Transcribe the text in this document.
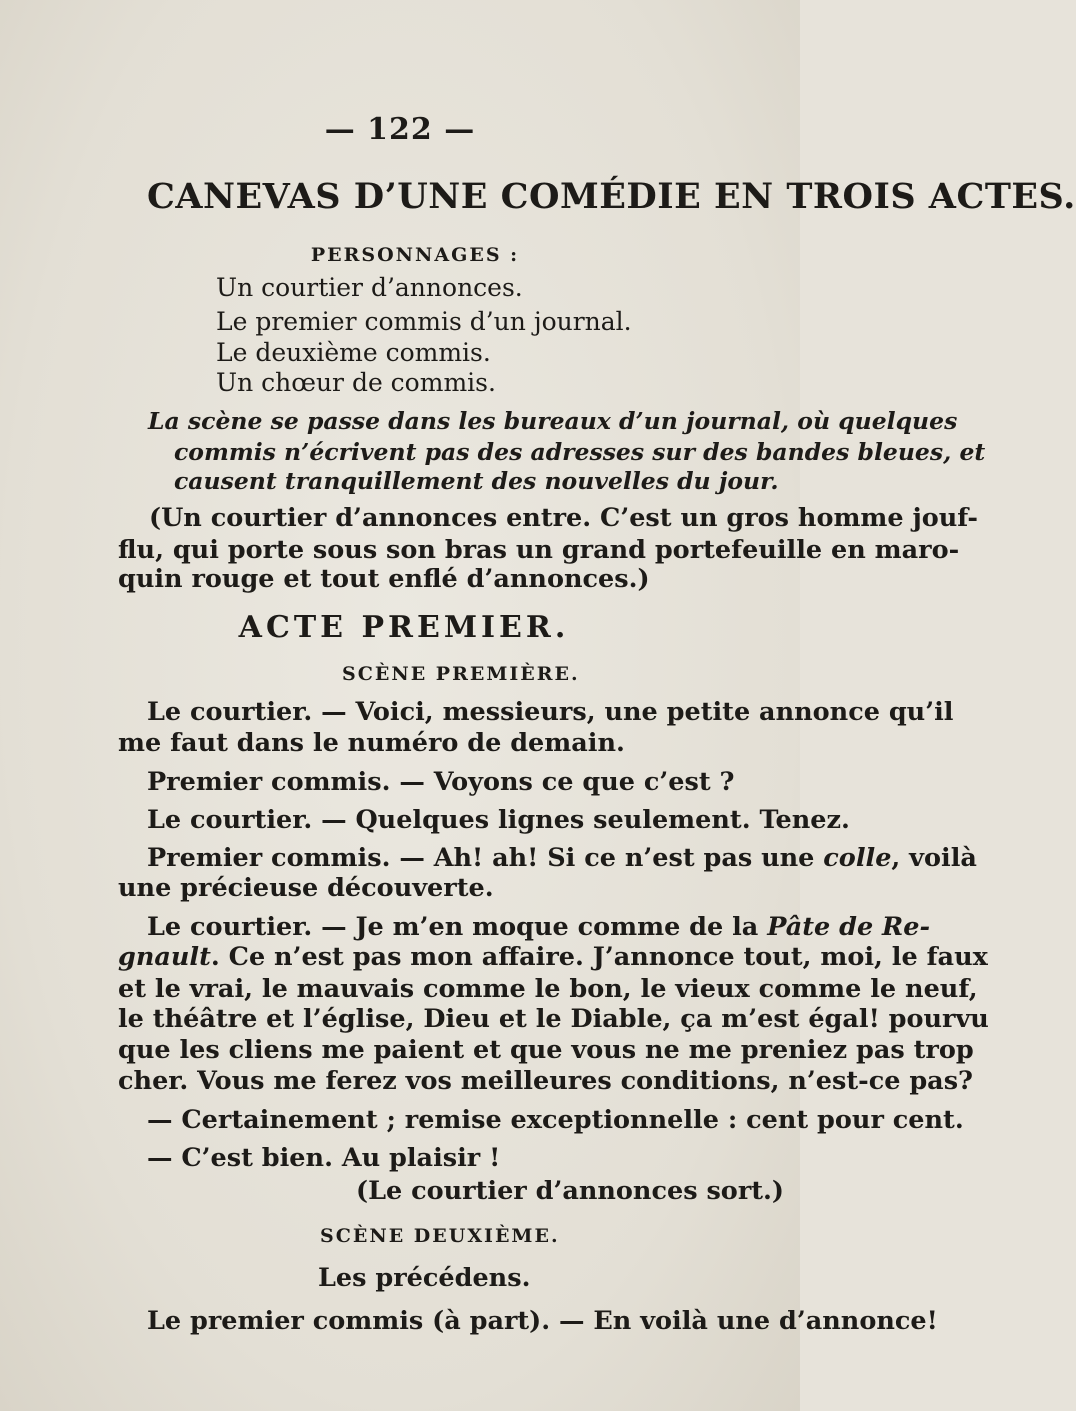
— 122 —
CANEVAS D’UNE COMÉDIE EN TROIS ACTES.
PERSONNAGES :
Un courtier d’annonces.
Le premier commis d’un journal.
Le deuxième commis.
Un chœur de commis.
La scène se passe dans les bureaux d’un journal, où quelques
commis n’écrivent pas des adresses sur des bandes bleues, et
causent tranquillement des nouvelles du jour.
(Un courtier d’annonces entre. C’est un gros homme jouf-
flu, qui porte sous son bras un grand portefeuille en maro-
quin rouge et tout enflé d’annonces.)
ACTE PREMIER.
SCÈNE PREMIÈRE.
Le courtier. — Voici, messieurs, une petite annonce qu’il
me faut dans le numéro de demain.
Premier commis. — Voyons ce que c’est ?
Le courtier. — Quelques lignes seulement. Tenez.
Premier commis. — Ah! ah! Si ce n’est pas une colle, voilà
une précieuse découverte.
Le courtier. — Je m’en moque comme de la Pâte de Re-
gnault. Ce n’est pas mon affaire. J’annonce tout, moi, le faux
et le vrai, le mauvais comme le bon, le vieux comme le neuf,
le théâtre et l’église, Dieu et le Diable, ça m’est égal! pourvu
que les cliens me paient et que vous ne me preniez pas trop
cher. Vous me ferez vos meilleures conditions, n’est-ce pas?
— Certainement ; remise exceptionnelle : cent pour cent.
— C’est bien. Au plaisir !
(Le courtier d’annonces sort.)
SCÈNE DEUXIÈME.
Les précédens.
Le premier commis (à part). — En voilà une d’annonce!
